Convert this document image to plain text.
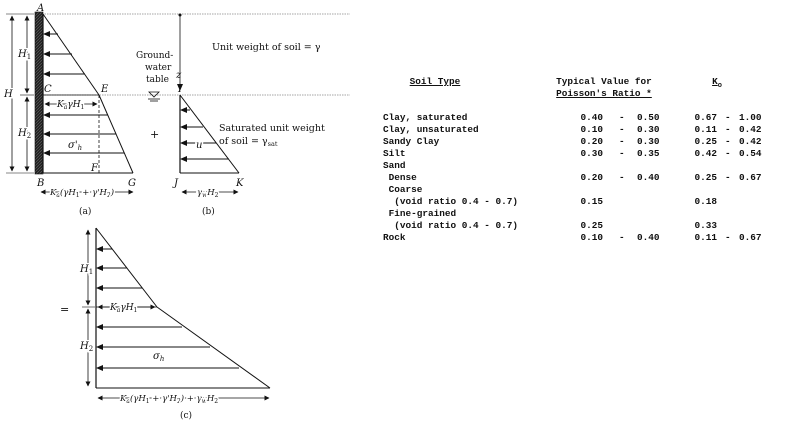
A
C	E
F
B	G
H
$H_1$
$H_2$
$K_a\gamma H_1$
$\sigma'_h$
$K_a(\gamma H_1 + \gamma'H_2)$
(a)
z
Ground-
water
table
Unit weight of soil = γ
Saturated unit weight
of soil = $\gamma_{sat}$
+
u
I
J	K
$\gamma_wH_2$
(b)
=
$H_1$
$H_2$
$K_a\gamma H_1$
$\sigma_h$
$K_a(\gamma H_1 + \gamma'H_2) + \gamma_wH_2$
(c)
Soil Type	Typical Value for
Poisson's Ratio *
$K_o$
Clay, saturated	0.40 - 0.50	0.67 - 1.00
Clay, unsaturated	0.10 - 0.30	0.11 - 0.42
Sandy Clay	0.20 - 0.30	0.25 - 0.42
Silt	0.30 - 0.35	0.42 - 0.54
Sand
Dense	0.20 - 0.40	0.25 - 0.67
Coarse
(void ratio 0.4 - 0.7)	0.15	0.18
Fine-grained
(void ratio 0.4 - 0.7)	0.25	0.33
Rock	0.10 - 0.40	0.11 - 0.67
